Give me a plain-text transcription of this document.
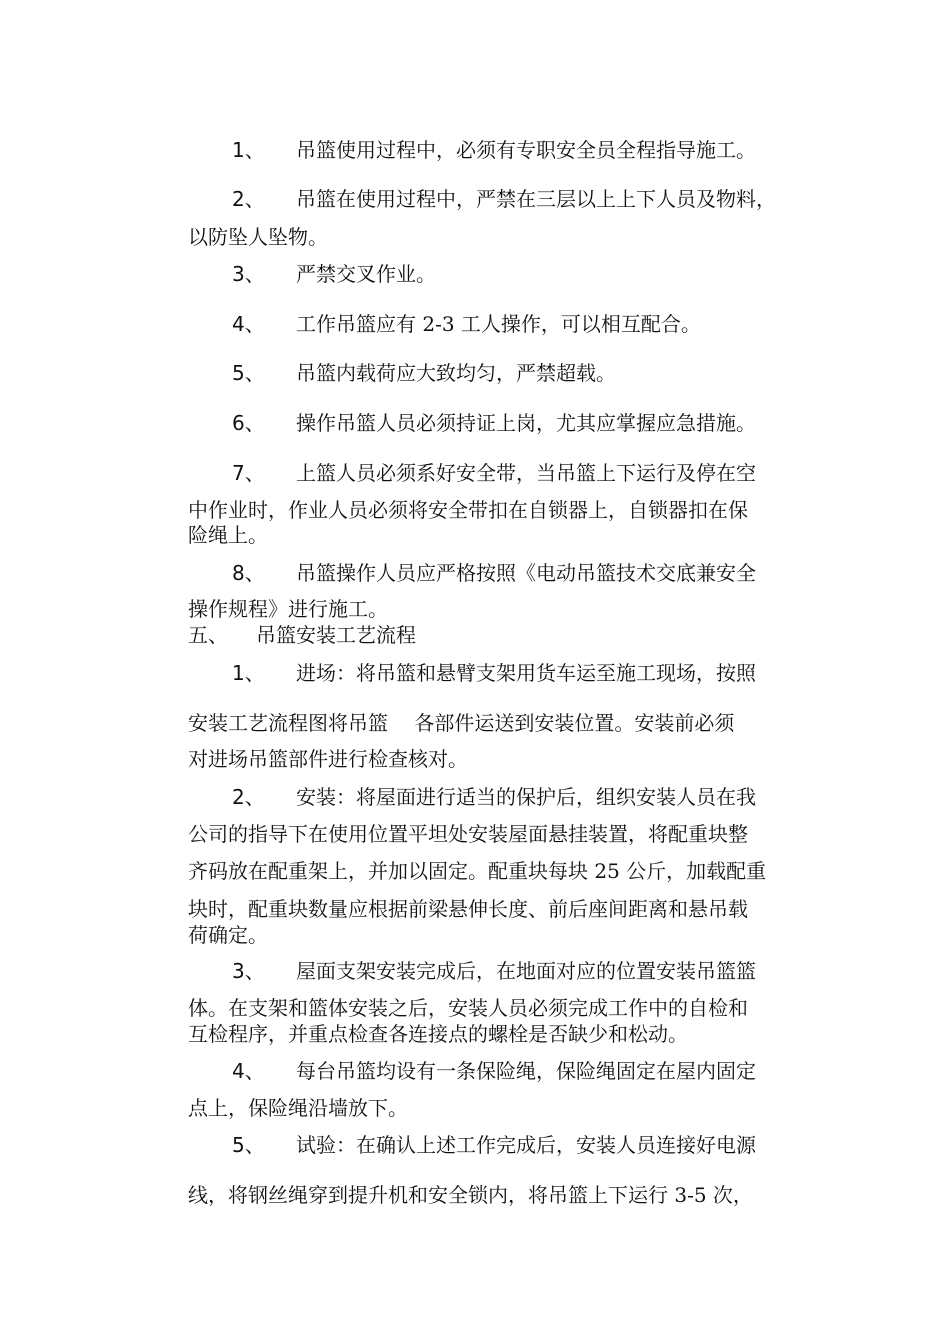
1、 吊篮使用过程中，必须有专职安全员全程指导施工。
2、 吊篮在使用过程中，严禁在三层以上上下人员及物料，
以防坠人坠物。
3、 严禁交叉作业。
4、 工作吊篮应有 2-3 工人操作，可以相互配合。
5、 吊篮内载荷应大致均匀，严禁超载。
6、 操作吊篮人员必须持证上岗，尤其应掌握应急措施。
7、 上篮人员必须系好安全带，当吊篮上下运行及停在空
中作业时，作业人员必须将安全带扣在自锁器上，自锁器扣在保
险绳上。
8、 吊篮操作人员应严格按照《电动吊篮技术交底兼安全
操作规程》进行施工。
五、 吊篮安装工艺流程
1、 进场：将吊篮和悬臂支架用货车运至施工现场，按照
安装工艺流程图将吊篮　 各部件运送到安装位置。安装前必须
对进场吊篮部件进行检查核对。
2、 安装：将屋面进行适当的保护后，组织安装人员在我
公司的指导下在使用位置平坦处安装屋面悬挂装置，将配重块整
齐码放在配重架上，并加以固定。配重块每块 25 公斤，加载配重
块时，配重块数量应根据前梁悬伸长度、前后座间距离和悬吊载
荷确定。
3、 屋面支架安装完成后，在地面对应的位置安装吊篮篮
体。在支架和篮体安装之后，安装人员必须完成工作中的自检和
互检程序，并重点检查各连接点的螺栓是否缺少和松动。
4、 每台吊篮均设有一条保险绳，保险绳固定在屋内固定
点上，保险绳沿墙放下。
5、 试验：在确认上述工作完成后，安装人员连接好电源
线，将钢丝绳穿到提升机和安全锁内，将吊篮上下运行 3-5 次，
